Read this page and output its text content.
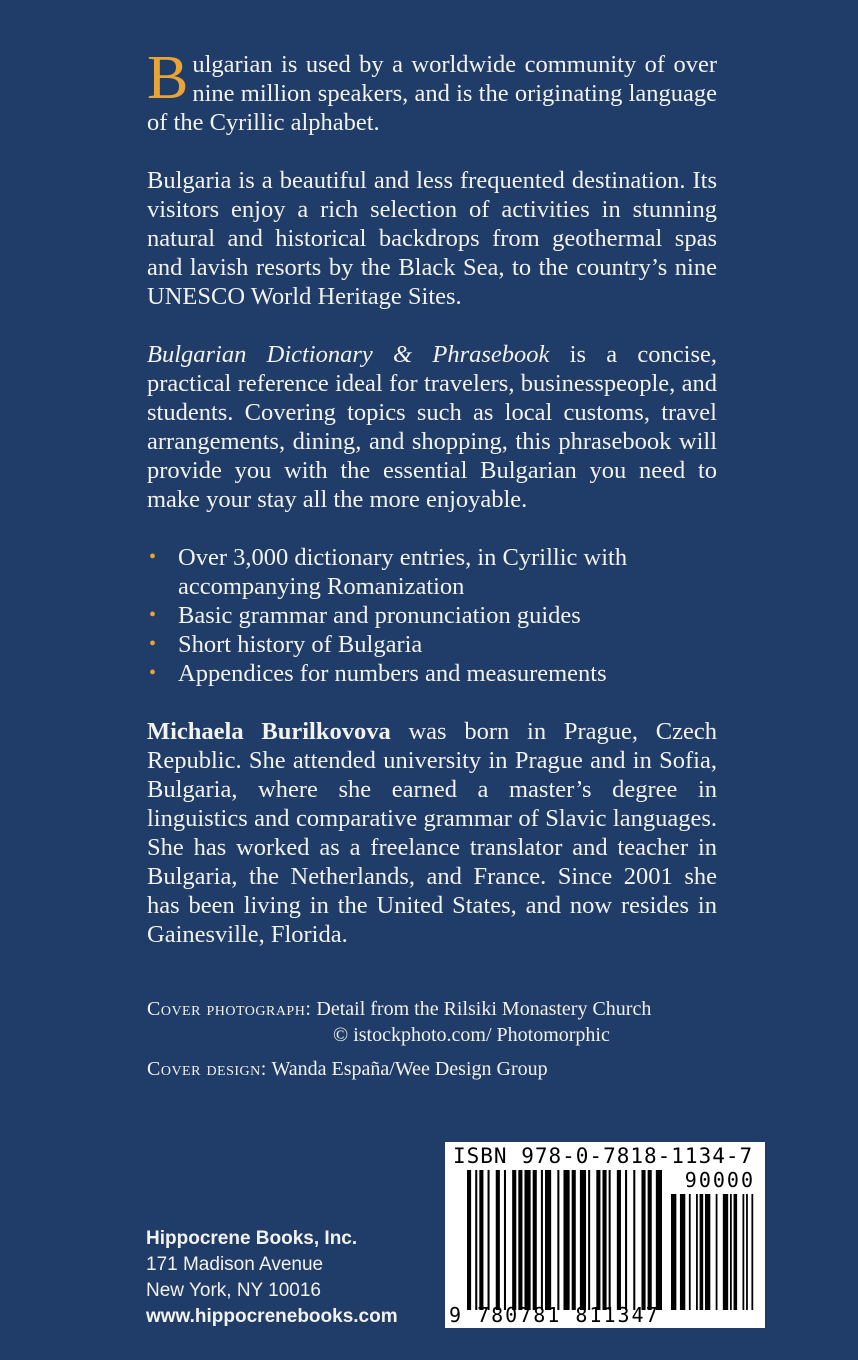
Bulgarian is used by a worldwide community of over nine million speakers, and is the originating language of the Cyrillic alphabet.

Bulgaria is a beautiful and less frequented destination. Its visitors enjoy a rich selection of activities in stunning natural and historical backdrops from geothermal spas and lavish resorts by the Black Sea, to the country’s nine UNESCO World Heritage Sites.

Bulgarian Dictionary & Phrasebook is a concise, practical reference ideal for travelers, businesspeople, and students. Covering topics such as local customs, travel arrangements, dining, and shopping, this phrasebook will provide you with the essential Bulgarian you need to make your stay all the more enjoyable.

• Over 3,000 dictionary entries, in Cyrillic with accompanying Romanization
• Basic grammar and pronunciation guides
• Short history of Bulgaria
• Appendices for numbers and measurements

Michaela Burilkovova was born in Prague, Czech Republic. She attended university in Prague and in Sofia, Bulgaria, where she earned a master’s degree in linguistics and comparative grammar of Slavic languages. She has worked as a freelance translator and teacher in Bulgaria, the Netherlands, and France. Since 2001 she has been living in the United States, and now resides in Gainesville, Florida.

Cover photograph: Detail from the Rilsiki Monastery Church
© istockphoto.com/ Photomorphic
Cover design: Wanda España/Wee Design Group
Hippocrene Books, Inc.
171 Madison Avenue
New York, NY 10016
www.hippocrenebooks.com
ISBN 978-0-7818-1134-7
90000
9 780781 811347
